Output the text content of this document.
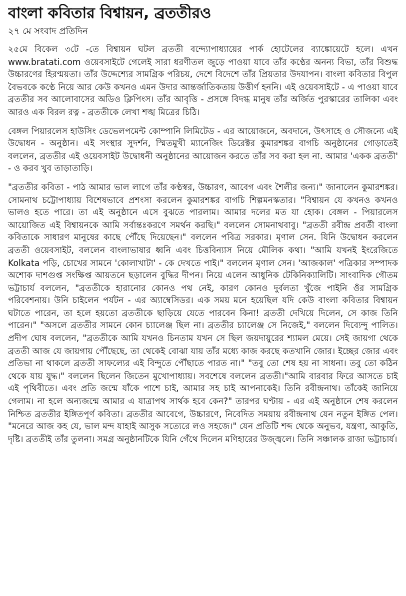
বাংলা কবিতার বিশ্বায়ন, ব্রততীরও
২৭ মে সংবাদ প্রতিদিন

২৫মে বিকেল ৩টে -তে বিশ্বায়ন ঘটল ব্রততী বন্দ্যোপাধ্যায়ের পার্ক হোটেলের ব্যাঙ্কোয়েটে হলে। এখন www.bratati.com ওয়েবসাইটে গেলেই সারা ধরণীতল জুড়ে পাওয়া যাবে তাঁর কণ্ঠের অনন্য বিভা, তাঁর বিশুদ্ধ উচ্চারণের হিরণ্ময়তা। তাঁর উদ্দেশ্যের সামগ্রিক পরিচয়, দেশে বিদেশে তাঁর প্রিয়তার উদযাপন। বাংলা কবিতার বিপুল বৈভবকে কণ্ঠে নিয়ে আর কেউ কখনও এমন উদার আন্তর্জাতিকতায় উত্তীর্ণ হননি। এই ওয়েবসাইটে - এ পাওয়া যাবে ব্রততীর সব আলোবাসের অডিও ক্লিপিংস। তাঁর আবৃত্তি - প্রসঙ্গে বিদগ্ধ মানুষ তাঁর অর্জিত পুরস্কারের তালিকা এবং আরও এক বিরল রত্ন - ব্রততীকে লেখা শঙ্খ মিত্রের চিঠি।

বেঙ্গল পিয়ারলেস হাউসিং ডেভেলপমেন্ট কোম্পানি লিমিটেড - এর আয়োজনে, অবদানে, উৎসাহে ও সৌজন্যে এই উদ্বোধন - অনুষ্ঠান। এই সংস্থার সুদর্শন, স্মিতমুখী ম্যানেজিং ডিরেক্টর কুমারশঙ্কর বাগচি অনুষ্ঠানের গোড়াতেই বললেন, ব্রততীর এই ওয়েবসাইট উদ্বোধনী অনুষ্ঠানের আয়োজন করতে তাঁর সব করা হল না. আমার 'একক ব্রততী' - ও করব খুব তাড়াতাড়ি।

"ব্রততীর কবিতা - পাঠ আমার ভাল লাগে তাঁর কণ্ঠস্বর, উচ্চারণ, আবেগ এবং শৈলীর জন্য।" জানালেন কুমারশঙ্কর। সোমনাথ চট্টোপাধ্যায় বিশেষভাবে প্রশংসা করলেন কুমারশঙ্কর বাগচি শিল্পমনস্কতার। "বিশ্বায়ন যে কখনও কখনও ভালও হতে পারে। তা এই অনুষ্ঠানে এসে বুঝতে পারলাম। আমার দলের মত যা হোক। বেঙ্গল - পিয়ারলেস আয়োজিত এই বিশ্বায়নকে আমি সর্বান্তঃকরণে সমর্থন করছি।" বললেন সোমনাথবাবু। "ব্রততী রবীন্দ্র প্রবর্তী বাংলা কবিতাকে সাধারণ মানুষের কাছে পৌঁছে দিয়েছেন।" বললেন পবিত্র সরকার। মৃণাল সেন. যিনি উদ্বোধন করলেন ব্রততী ওয়েবসাইট, বললেন বাংলাভাষার ধ্বনি এবং চিত্তবিন্যাস নিয়ে মৌলিক কথা। "আমি যখনই ইংরেজিতে Kolkata পড়ি, চোখের সামনে 'কোলাখাটা' - কে দেখতে পাই।" বললেন মৃণাল সেন। 'আজকাল' পত্রিকার সম্পাদক অশোক দাশগুপ্ত সংক্ষিপ্ত আয়তনে ছড়ালেন বুদ্ধির দীপন। নিয়ে এলেন আধুনিক টেকিনিক্যালিটি। সাংবাদিক গৌতম ভট্টাচার্য বললেন, "ব্রততীকে হারানোর কোনও পথ নেই, কারণ কোনও দুর্বলতা খুঁজে পাইনি ওঁর সামগ্রিক পরিবেশনায়। উনি চাইলেন পর্যটন - এর অ্যাম্বেসিডর। এক সময় মনে হয়েছিল যদি কেউ বাংলা কবিতার বিশ্বায়ন ঘটাতে পারেন, তা হলে হয়তো ব্রততীকে ছাড়িয়ে যেতে পারবেন কিনা! ব্রততী দেখিয়ে দিলেন, সে কাজ তিনি পারেন।" "অসলে ব্রততীর সামনে কোন চ্যালেঞ্জ ছিল না। ব্রততীর চ্যালেঞ্জ সে নিজেই," বললেন দিব্যেন্দু পালিত। প্রদীপ ঘোষ বললেন, "ব্রততীকে আমি যখনও চিনতাম যখন সে ছিল জয়দায়ুরের শ্যামল মেয়ে। সেই জায়গা থেকে ব্রততী আজ যে জায়গায় পৌঁছেছে, তা থেকেই বোঝা যায় তাঁর মধ্যে কাজ করছে কতখানি জোর। ইচ্ছের জোর এবং প্রতিভা না থাকলে ব্রততী সাফল্যের এই বিন্দুতে পৌঁছাতে পারত না।" "তবু তো শেষ হয় না সাধনা। তবু তো কঠিন থেকে যায় যুদ্ধ।" বললেন ছিলেন জিতেন মুখোপাধ্যায়। সবশেষে বললেন ব্রততী।"আমি বারবার ফিরে আসতে চাই এই পৃথিবীতে। এবং প্রতি জন্মে যাঁকে পাশে চাই, আমার সহ চাই আপনাকেই। তিনি রবীন্দ্রনাথ। তাঁকেই জানিয়ে গেলাম। না হলে অন্যজন্মে আমার এ যাত্রাপথ সার্থক হবে কেন?" তারপর ঘণ্টায় - এর এই অনুষ্ঠানে শেষ করলেন নিশ্চিত ব্রততীর ইঙ্গিতপূর্ণ কবিতা। ব্রততীর আবেগে, উচ্চারণে, নিবেদিত সময়ায় রবীন্দ্রনাথ যেন নতুন ইঙ্গিত পেল। "মনেরে আজ কহ যে, ভাল মন্দ যাহাই আসুক সত্যেরে লও সহজে।" যেন প্রতিটি শব্দ থেকে অনুভব, যন্ত্রণা, আকুতি, দৃষ্টি। ব্রততীই তাঁর তুলনা। সমগ্র অনুষ্ঠানটিকে যিনি গেঁথে দিলেন মণিহারের উজ্জ্বলে। তিনি সঞ্চালক রাজা ভট্টাচার্য।
